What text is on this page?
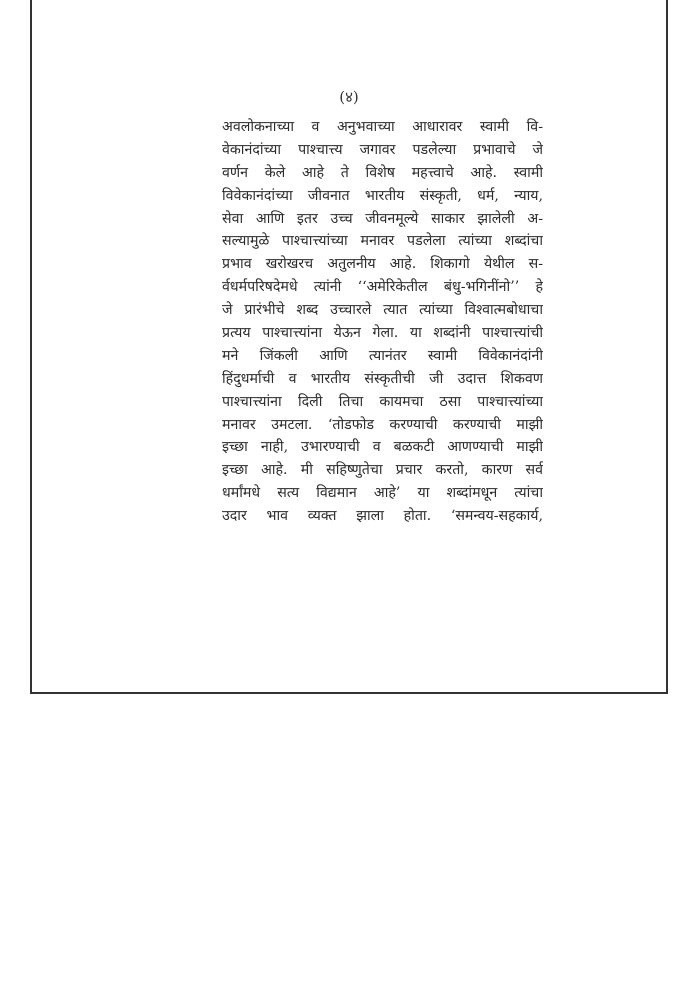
(४)
अवलोकनाच्या व अनुभवाच्या आधारावर स्वामी वि-
वेकानंदांच्या पाश्चात्त्य जगावर पडलेल्या प्रभावाचे जे
वर्णन केले आहे ते विशेष महत्त्वाचे आहे. स्वामी
विवेकानंदांच्या जीवनात भारतीय संस्कृती, धर्म, न्याय,
सेवा आणि इतर उच्च जीवनमूल्ये साकार झालेली अ-
सल्यामुळे पाश्चात्त्यांच्या मनावर पडलेला त्यांच्या शब्दांचा
प्रभाव खरोखरच अतुलनीय आहे. शिकागो येथील स-
र्वधर्मपरिषदेमधे त्यांनी ‘‘अमेरिकेतील बंधु-भगिनींनो’’ हे
जे प्रारंभीचे शब्द उच्चारले त्यात त्यांच्या विश्वात्मबोधाचा
प्रत्यय पाश्चात्त्यांना येऊन गेला. या शब्दांनी पाश्चात्त्यांची
मने जिंकली आणि त्यानंतर स्वामी विवेकानंदांनी
हिंदुधर्माची व भारतीय संस्कृतीची जी उदात्त शिकवण
पाश्चात्त्यांना दिली तिचा कायमचा ठसा पाश्चात्त्यांच्या
मनावर उमटला. ‘तोडफोड करण्याची करण्याची माझी
इच्छा नाही, उभारण्याची व बळकटी आणण्याची माझी
इच्छा आहे. मी सहिष्णुतेचा प्रचार करतो, कारण सर्व
धर्मांमधे सत्य विद्यमान आहे’ या शब्दांमधून त्यांचा
उदार भाव व्यक्त झाला होता. ‘समन्वय-सहकार्य,
